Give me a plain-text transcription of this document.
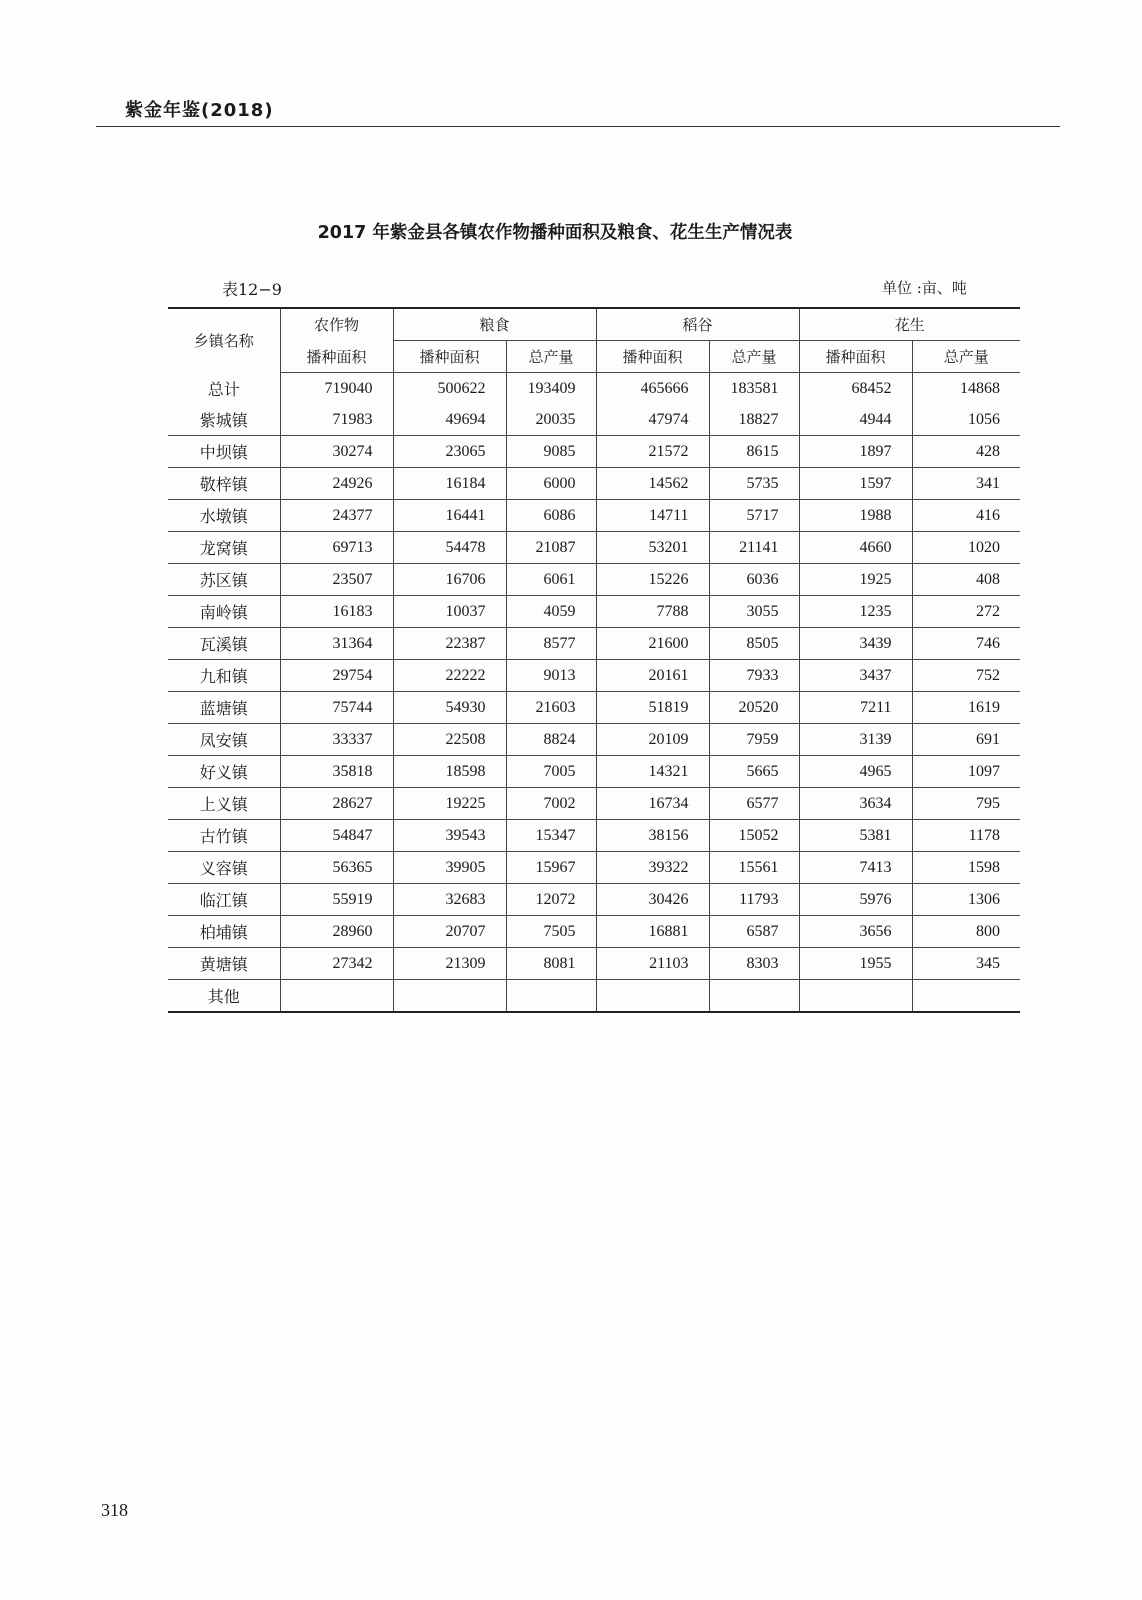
紫金年鉴(2018)
2017 年紫金县各镇农作物播种面积及粮食、花生生产情况表
表12−9	单位 :亩、吨
乡镇名称	农作物	粮食		稻谷		花生	
	播种面积	播种面积	总产量	播种面积	总产量	播种面积	总产量
总计	719040	500622	193409	465666	183581	68452	14868
紫城镇	71983	49694	20035	47974	18827	4944	1056
中坝镇	30274	23065	9085	21572	8615	1897	428
敬梓镇	24926	16184	6000	14562	5735	1597	341
水墩镇	24377	16441	6086	14711	5717	1988	416
龙窝镇	69713	54478	21087	53201	21141	4660	1020
苏区镇	23507	16706	6061	15226	6036	1925	408
南岭镇	16183	10037	4059	7788	3055	1235	272
瓦溪镇	31364	22387	8577	21600	8505	3439	746
九和镇	29754	22222	9013	20161	7933	3437	752
蓝塘镇	75744	54930	21603	51819	20520	7211	1619
凤安镇	33337	22508	8824	20109	7959	3139	691
好义镇	35818	18598	7005	14321	5665	4965	1097
上义镇	28627	19225	7002	16734	6577	3634	795
古竹镇	54847	39543	15347	38156	15052	5381	1178
义容镇	56365	39905	15967	39322	15561	7413	1598
临江镇	55919	32683	12072	30426	11793	5976	1306
柏埔镇	28960	20707	7505	16881	6587	3656	800
黄塘镇	27342	21309	8081	21103	8303	1955	345
其他							
318
